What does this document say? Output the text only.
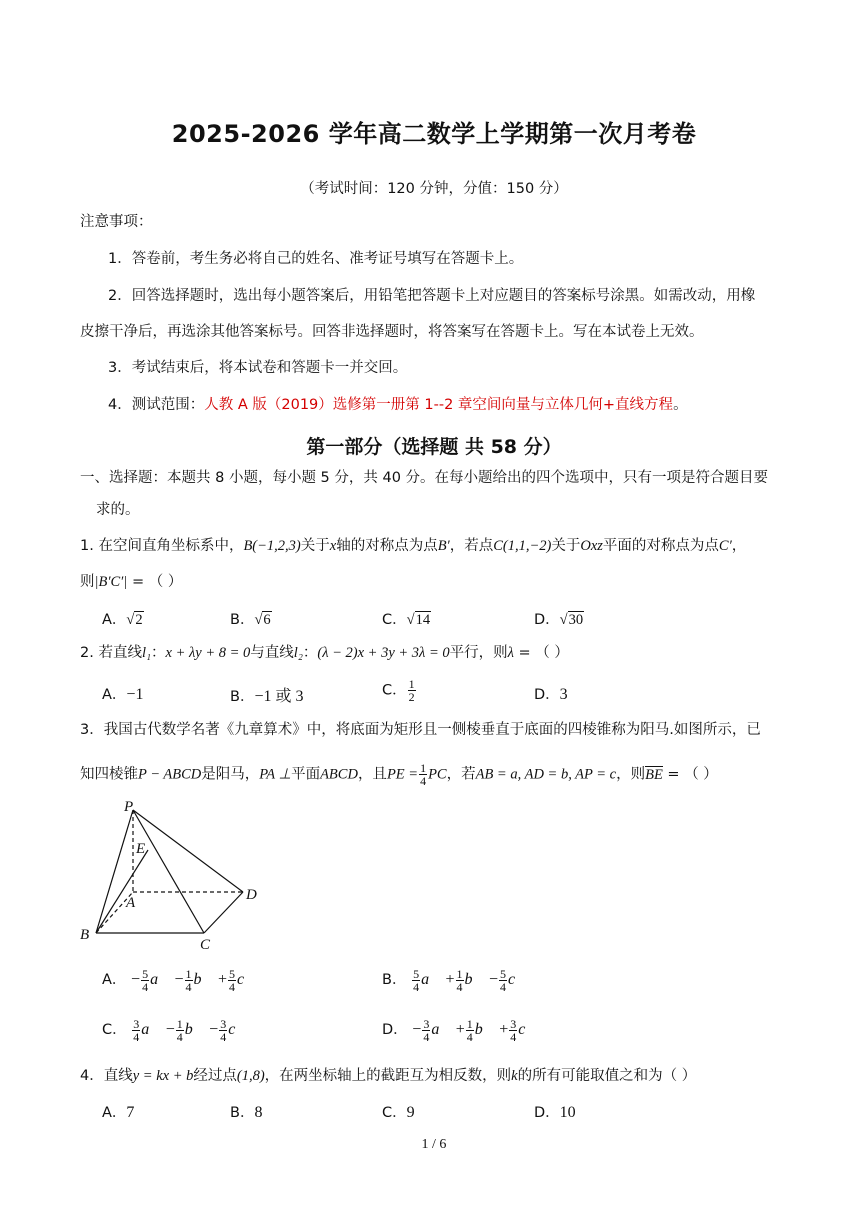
2025-2026 学年高二数学上学期第一次月考卷
（考试时间：120 分钟，分值：150 分）
注意事项：
1．答卷前，考生务必将自己的姓名、准考证号填写在答题卡上。
2．回答选择题时，选出每小题答案后，用铅笔把答题卡上对应题目的答案标号涂黑。如需改动，用橡
皮擦干净后，再选涂其他答案标号。回答非选择题时，将答案写在答题卡上。写在本试卷上无效。
3．考试结束后，将本试卷和答题卡一并交回。
4．测试范围：人教 A 版（2019）选修第一册第 1--2 章空间向量与立体几何+直线方程。
第一部分（选择题 共 58 分）
一、选择题：本题共 8 小题，每小题 5 分，共 40 分。在每小题给出的四个选项中，只有一项是符合题目要
求的。
1. 在空间直角坐标系中，B(−1,2,3)关于x轴的对称点为点B′，若点C(1,1,−2)关于Oxz平面的对称点为点C′，
则|B′C′| = （ ）
A．√2	B．√6	C．√14	D．√30
2. 若直线l₁：x + λy + 8 = 0与直线l₂：(λ − 2)x + 3y + 3λ = 0平行，则λ = （ ）
A．−1	B．−1 或 3	C． $\frac{1}{2}$	D．3
3．我国古代数学名著《九章算术》中，将底面为矩形且一侧棱垂直于底面的四棱锥称为阳马.如图所示，已
知四棱锥P − ABCD是阳马，PA ⊥平面ABCD，且PE = $\frac{1}{4}$ PC，若AB = a, AD = b, AP = c，则BE = （ ）
P
E
A
B
C
D
A． − $\frac{5}{4}$ a⃗ − $\frac{1}{4}$ b⃗ + $\frac{5}{4}$ c⃗	B． $\frac{5}{4}$ a⃗ + $\frac{1}{4}$ b⃗ − $\frac{5}{4}$ c⃗
C． $\frac{3}{4}$ a⃗ − $\frac{1}{4}$ b⃗ − $\frac{3}{4}$ c⃗	D． − $\frac{3}{4}$ a⃗ + $\frac{1}{4}$ b⃗ + $\frac{3}{4}$ c⃗
4．直线y = kx + b经过点(1,8)，在两坐标轴上的截距互为相反数，则k的所有可能取值之和为（ ）
A．7	B．8	C．9	D．10
1 / 6
